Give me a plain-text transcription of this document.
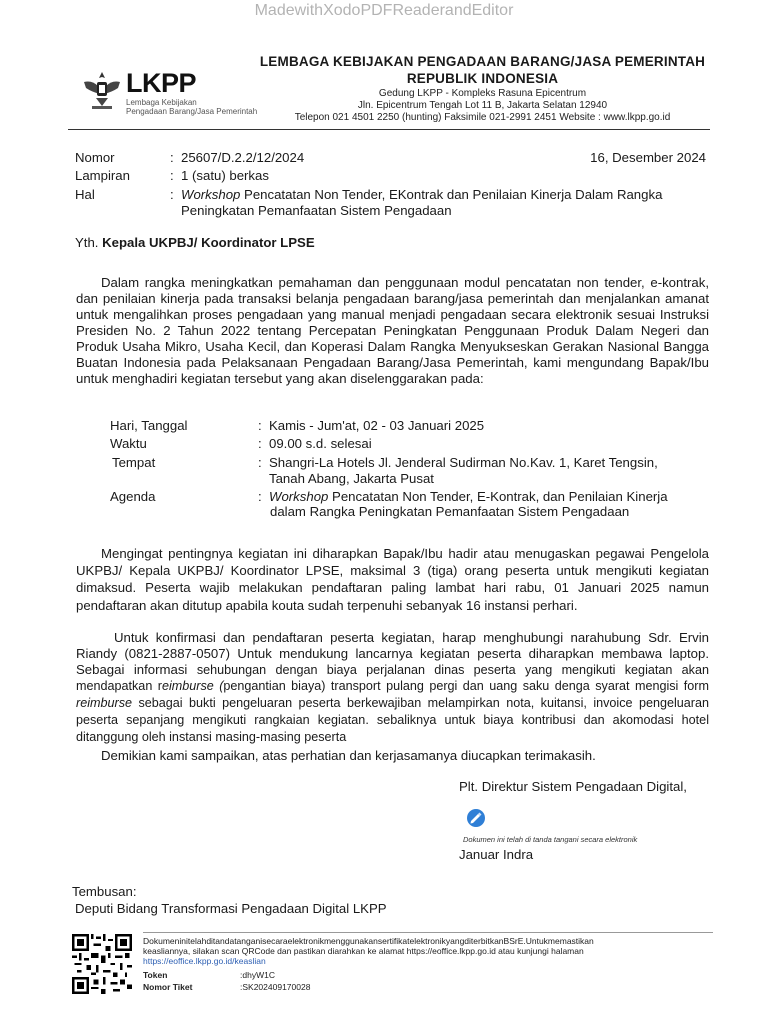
MadewithXodoPDFReaderandEditor
LKPP
Lembaga Kebijakan
Pengadaan Barang/Jasa Pemerintah
LEMBAGA KEBIJAKAN PENGADAAN BARANG/JASA PEMERINTAH
REPUBLIK INDONESIA
Gedung LKPP - Kompleks Rasuna Epicentrum
Jln. Epicentrum Tengah Lot 11 B, Jakarta Selatan 12940
Telepon 021 4501 2250 (hunting) Faksimile 021-2991 2451 Website : www.lkpp.go.id
Nomor	: 25607/D.2.2/12/2024	16, Desember 2024
Lampiran	: 1 (satu) berkas
Hal	: Workshop Pencatatan Non Tender, EKontrak dan Penilaian Kinerja Dalam Rangka
Peningkatan Pemanfaatan Sistem Pengadaan
Yth. Kepala UKPBJ/ Koordinator LPSE
Dalam rangka meningkatkan pemahaman dan penggunaan modul pencatatan non tender, e-kontrak, dan penilaian kinerja pada transaksi belanja pengadaan barang/jasa pemerintah dan menjalankan amanat untuk mengalihkan proses pengadaan yang manual menjadi pengadaan secara elektronik sesuai Instruksi Presiden No. 2 Tahun 2022 tentang Percepatan Peningkatan Penggunaan Produk Dalam Negeri dan Produk Usaha Mikro, Usaha Kecil, dan Koperasi Dalam Rangka Menyukseskan Gerakan Nasional Bangga Buatan Indonesia pada Pelaksanaan Pengadaan Barang/Jasa Pemerintah, kami mengundang Bapak/Ibu untuk menghadiri kegiatan tersebut yang akan diselenggarakan pada:
Hari, Tanggal	: Kamis - Jum'at, 02 - 03 Januari 2025
Waktu	: 09.00 s.d. selesai
Tempat	: Shangri-La Hotels Jl. Jenderal Sudirman No.Kav. 1, Karet Tengsin,
Tanah Abang, Jakarta Pusat
Agenda	: Workshop Pencatatan Non Tender, E-Kontrak, dan Penilaian Kinerja
dalam Rangka Peningkatan Pemanfaatan Sistem Pengadaan
Mengingat pentingnya kegiatan ini diharapkan Bapak/Ibu hadir atau menugaskan pegawai Pengelola UKPBJ/ Kepala UKPBJ/ Koordinator LPSE, maksimal 3 (tiga) orang peserta untuk mengikuti kegiatan dimaksud. Peserta wajib melakukan pendaftaran paling lambat hari rabu, 01 Januari 2025 namun pendaftaran akan ditutup apabila kouta sudah terpenuhi sebanyak 16 instansi perhari.
Untuk konfirmasi dan pendaftaran peserta kegiatan, harap menghubungi narahubung Sdr. Ervin Riandy (0821-2887-0507) Untuk mendukung lancarnya kegiatan peserta diharapkan membawa laptop. Sebagai informasi sehubungan dengan biaya perjalanan dinas peserta yang mengikuti kegiatan akan mendapatkan reimburse (pengantian biaya) transport pulang pergi dan uang saku denga syarat mengisi form reimburse sebagai bukti pengeluaran peserta berkewajiban melampirkan nota, kuitansi, invoice pengeluaran peserta sepanjang mengikuti rangkaian kegiatan. sebaliknya untuk biaya kontribusi dan akomodasi hotel ditanggung oleh instansi masing-masing peserta
Demikian kami sampaikan, atas perhatian dan kerjasamanya diucapkan terimakasih.
Plt. Direktur Sistem Pengadaan Digital,
Dokumen ini telah di tanda tangani secara elektronik
Januar Indra
Tembusan:
Deputi Bidang Transformasi Pengadaan Digital LKPP
DokumeninitelahditandatanganisecaraelektronikmenggunakansertifikatelektronikyangditerbitkanBSrE.Untukmemastikan
keasliannya, silakan scan QRCode dan pastikan diarahkan ke alamat https://eoffice.lkpp.go.id atau kunjungi halaman
https://eoffice.lkpp.go.id/keaslian
Token	:dhyW1C
Nomor Tiket	:SK202409170028
